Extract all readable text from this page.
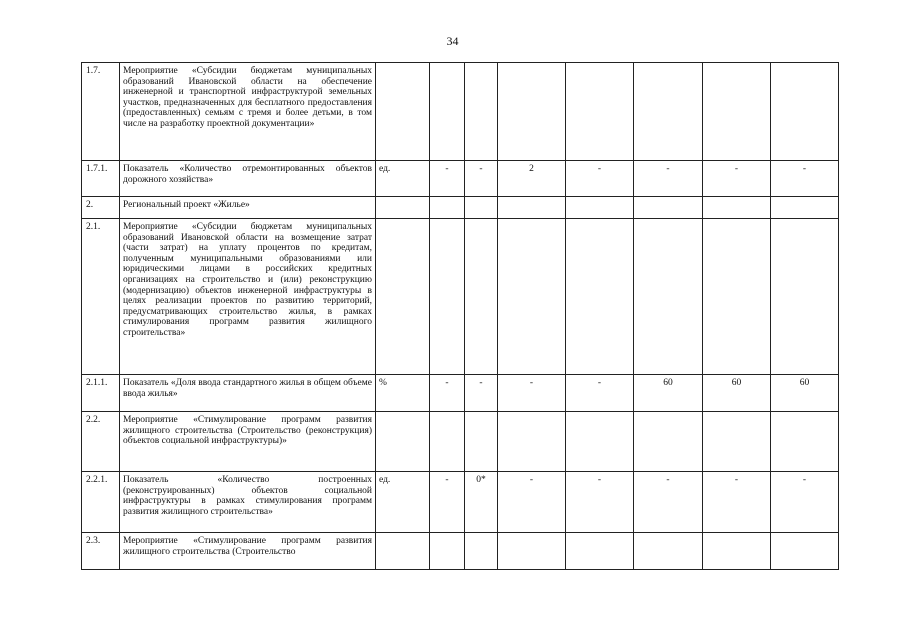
34
1.7.	Мероприятие «Субсидии бюджетам муниципальных образований Ивановской области на обеспечение инженерной и транспортной инфраструктурой земельных участков, предназначенных для бесплатного предоставления (предоставленных) семьям с тремя и более детьми, в том числе на разработку проектной документации»								
1.7.1.	Показатель «Количество отремонтированных объектов дорожного хозяйства»	ед.	-	-	2	-	-	-	-
2.	Региональный проект «Жилье»								
2.1.	Мероприятие «Субсидии бюджетам муниципальных образований Ивановской области на возмещение затрат (части затрат) на уплату процентов по кредитам, полученным муниципальными образованиями или юридическими лицами в российских кредитных организациях на строительство и (или) реконструкцию (модернизацию) объектов инженерной инфраструктуры в целях реализации проектов по развитию территорий, предусматривающих строительство жилья, в рамках стимулирования программ развития жилищного строительства»								
2.1.1.	Показатель «Доля ввода стандартного жилья в общем объеме ввода жилья»	%	-	-	-	-	60	60	60
2.2.	Мероприятие «Стимулирование программ развития жилищного строительства (Строительство (реконструкция) объектов социальной инфраструктуры)»								
2.2.1.	Показатель «Количество построенных (реконструированных) объектов социальной инфраструктуры в рамках стимулирования программ развития жилищного строительства»	ед.	-	0*	-	-	-	-	-
2.3.	Мероприятие «Стимулирование программ развития жилищного строительства (Строительство								
